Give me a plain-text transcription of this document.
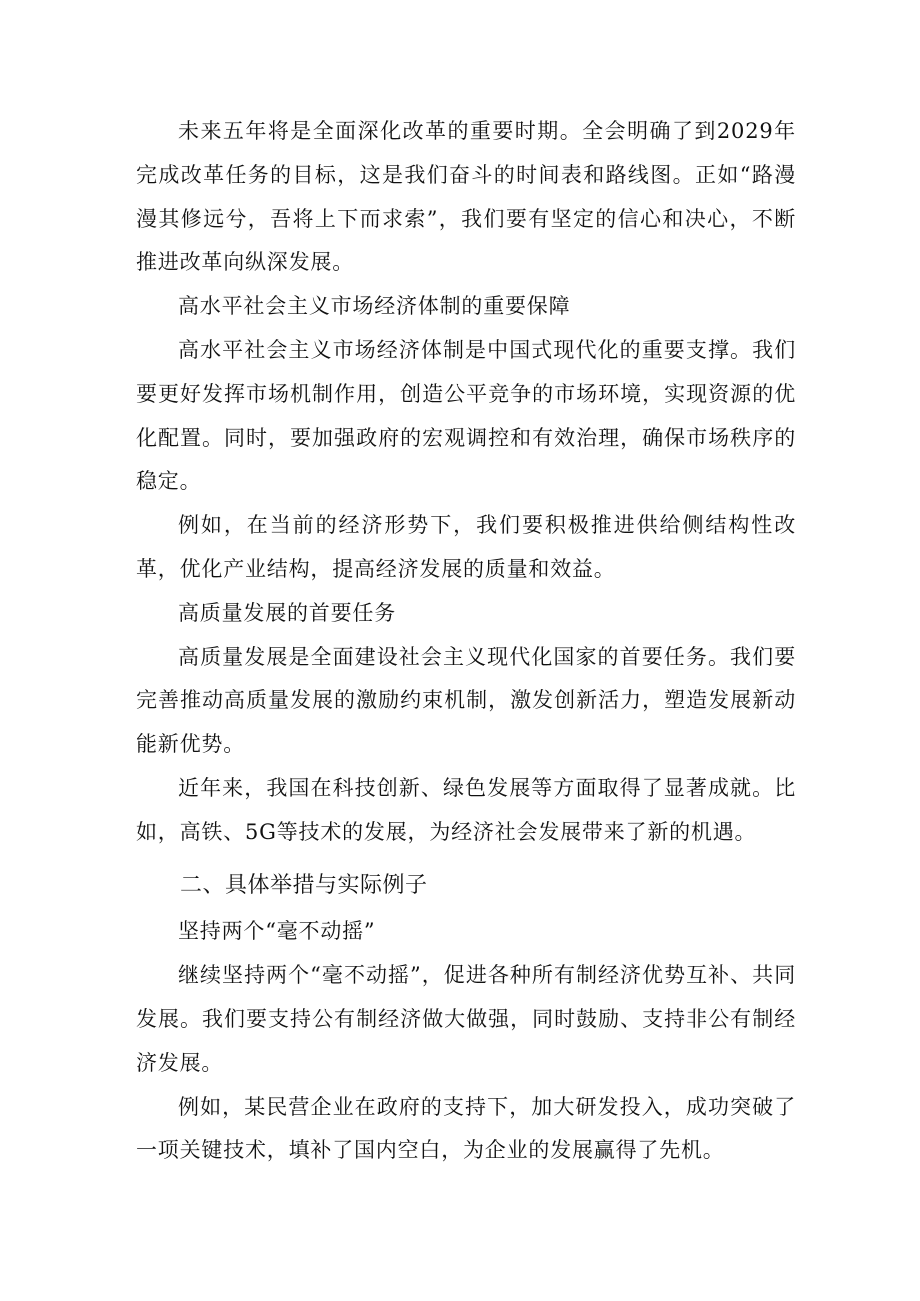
未来五年将是全面深化改革的重要时期。全会明确了到2029年完成改革任务的目标，这是我们奋斗的时间表和路线图。正如“路漫漫其修远兮，吾将上下而求索”，我们要有坚定的信心和决心，不断推进改革向纵深发展。

高水平社会主义市场经济体制的重要保障

高水平社会主义市场经济体制是中国式现代化的重要支撑。我们要更好发挥市场机制作用，创造公平竞争的市场环境，实现资源的优化配置。同时，要加强政府的宏观调控和有效治理，确保市场秩序的稳定。

例如，在当前的经济形势下，我们要积极推进供给侧结构性改革，优化产业结构，提高经济发展的质量和效益。

高质量发展的首要任务

高质量发展是全面建设社会主义现代化国家的首要任务。我们要完善推动高质量发展的激励约束机制，激发创新活力，塑造发展新动能新优势。

近年来，我国在科技创新、绿色发展等方面取得了显著成就。比如，高铁、5G等技术的发展，为经济社会发展带来了新的机遇。

二、具体举措与实际例子

坚持两个“毫不动摇”

继续坚持两个“毫不动摇”，促进各种所有制经济优势互补、共同发展。我们要支持公有制经济做大做强，同时鼓励、支持非公有制经济发展。

例如，某民营企业在政府的支持下，加大研发投入，成功突破了一项关键技术，填补了国内空白，为企业的发展赢得了先机。
